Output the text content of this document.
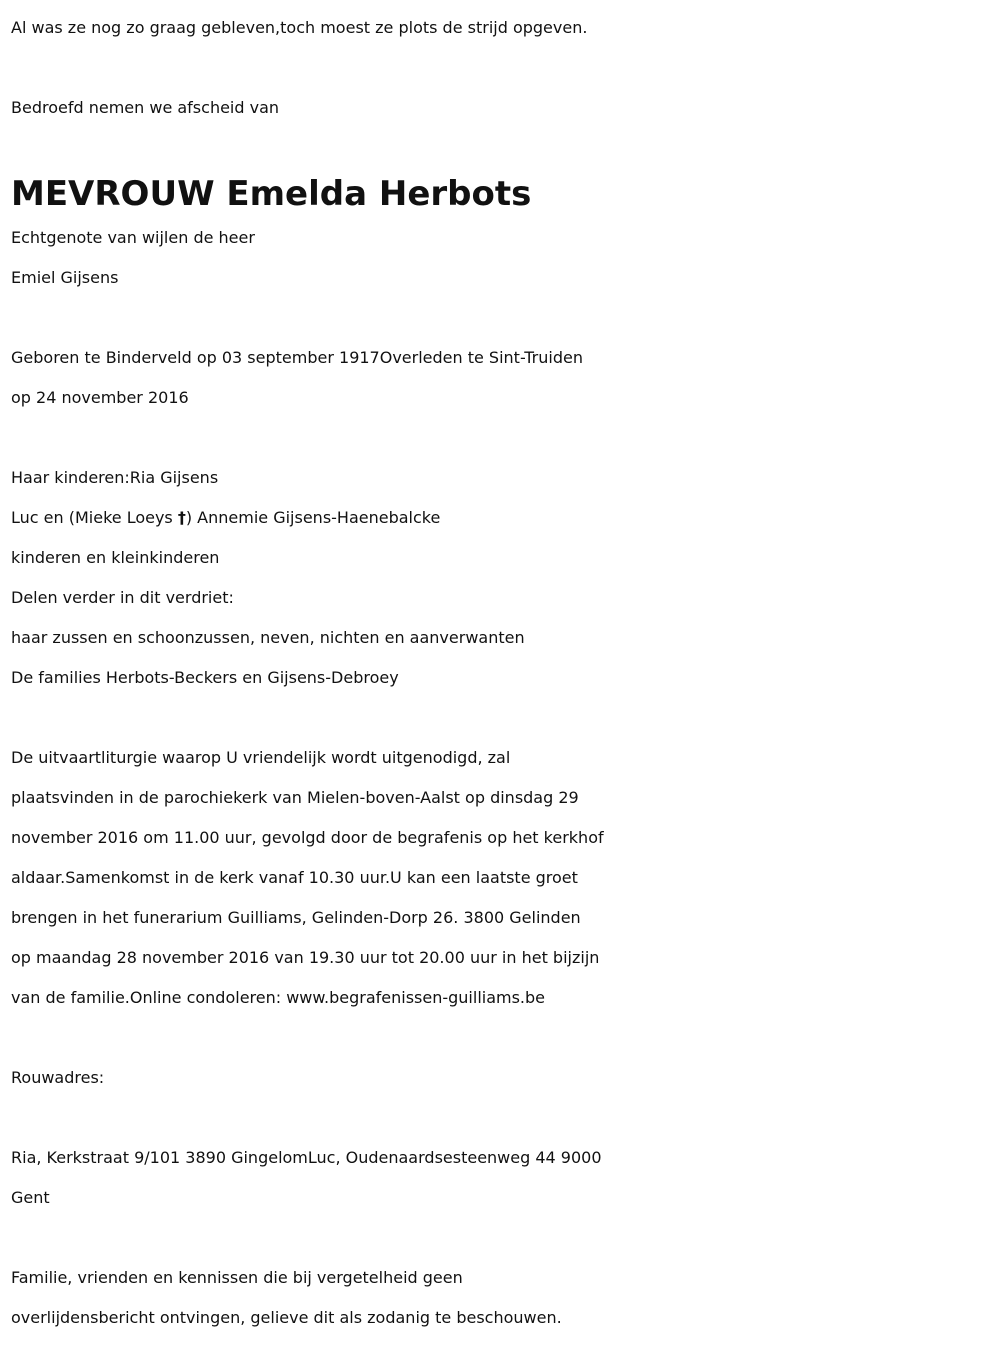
Al was ze nog zo graag gebleven,toch moest ze plots de strijd opgeven.

Bedroefd nemen we afscheid van

MEVROUW Emelda Herbots

Echtgenote van wijlen de heer

Emiel Gijsens

Geboren te Binderveld op 03 september 1917Overleden te Sint-Truiden

op 24 november 2016

Haar kinderen:Ria Gijsens

Luc en (Mieke Loeys †) Annemie Gijsens-Haenebalcke

kinderen en kleinkinderen

Delen verder in dit verdriet:

haar zussen en schoonzussen, neven, nichten en aanverwanten

De families Herbots-Beckers en Gijsens-Debroey

De uitvaartliturgie waarop U vriendelijk wordt uitgenodigd, zal

plaatsvinden in de parochiekerk van Mielen-boven-Aalst op dinsdag 29

november 2016 om 11.00 uur, gevolgd door de begrafenis op het kerkhof

aldaar.Samenkomst in de kerk vanaf 10.30 uur.U kan een laatste groet

brengen in het funerarium Guilliams, Gelinden-Dorp 26. 3800 Gelinden

op maandag 28 november 2016 van 19.30 uur tot 20.00 uur in het bijzijn

van de familie.Online condoleren: www.begrafenissen-guilliams.be

Rouwadres:

Ria, Kerkstraat 9/101 3890 GingelomLuc, Oudenaardsesteenweg 44 9000

Gent

Familie, vrienden en kennissen die bij vergetelheid geen

overlijdensbericht ontvingen, gelieve dit als zodanig te beschouwen.
